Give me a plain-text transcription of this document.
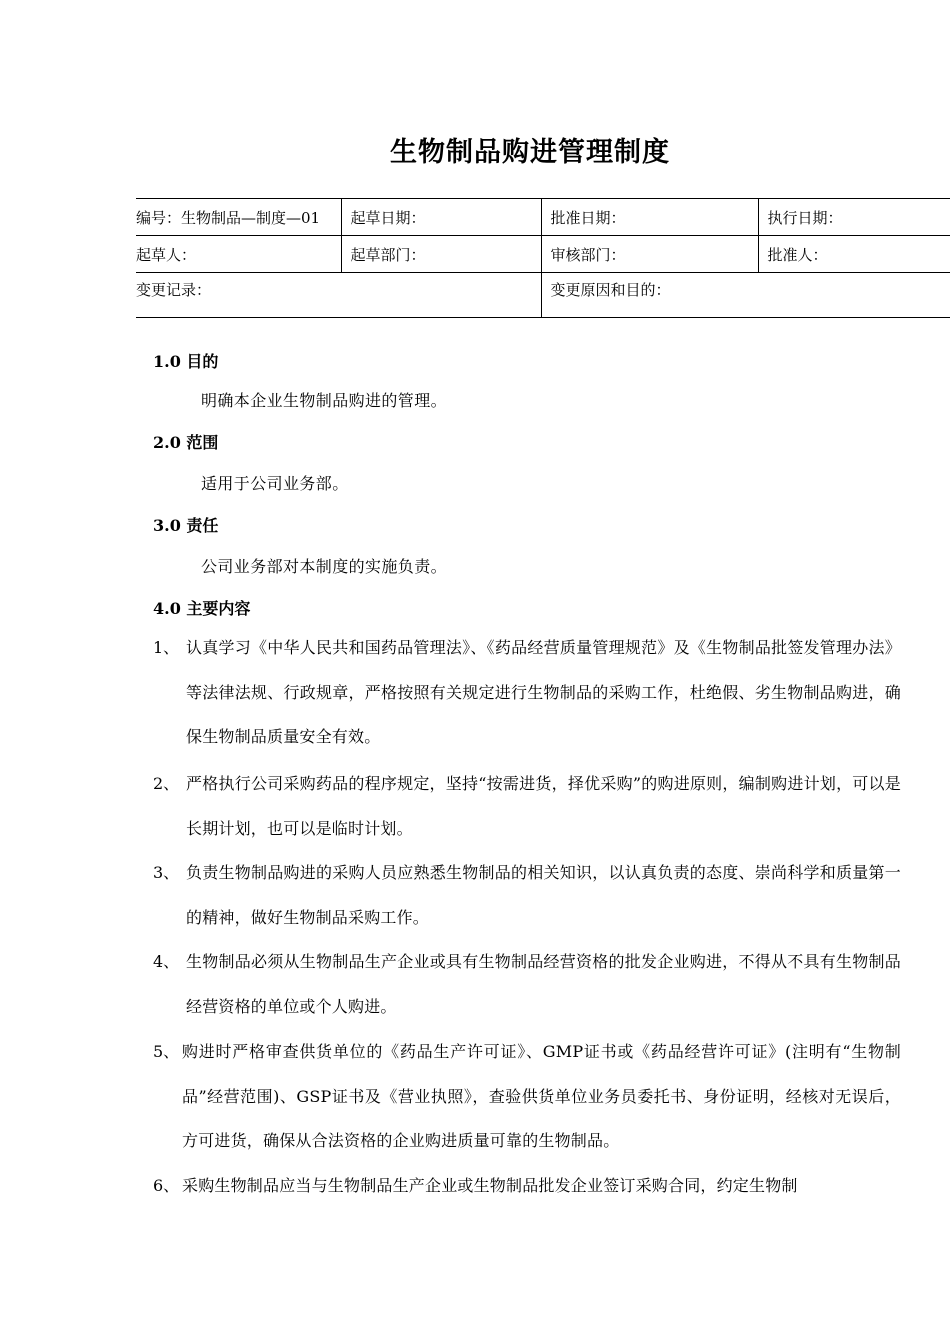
生物制品购进管理制度
编号：生物制品—制度—01	起草日期：	批准日期：	执行日期：
起草人：	起草部门：	审核部门：	批准人：
变更记录：		变更原因和目的：	
1.0 目的
明确本企业生物制品购进的管理。
2.0 范围
适用于公司业务部。
3.0 责任
公司业务部对本制度的实施负责。
4.0 主要内容
1、 认真学习《中华人民共和国药品管理法》、《药品经营质量管理规范》及《生物制品批签发管理办法》等法律法规、行政规章，严格按照有关规定进行生物制品的采购工作，杜绝假、劣生物制品购进，确保生物制品质量安全有效。
2、 严格执行公司采购药品的程序规定，坚持“按需进货，择优采购”的购进原则，编制购进计划，可以是长期计划，也可以是临时计划。
3、 负责生物制品购进的采购人员应熟悉生物制品的相关知识，以认真负责的态度、崇尚科学和质量第一的精神，做好生物制品采购工作。
4、 生物制品必须从生物制品生产企业或具有生物制品经营资格的批发企业购进，不得从不具有生物制品经营资格的单位或个人购进。
5、 购进时严格审查供货单位的《药品生产许可证》、GMP证书或《药品经营许可证》(注明有“生物制品”经营范围)、GSP证书及《营业执照》，查验供货单位业务员委托书、身份证明，经核对无误后，方可进货，确保从合法资格的企业购进质量可靠的生物制品。
6、 采购生物制品应当与生物制品生产企业或生物制品批发企业签订采购合同，约定生物制
